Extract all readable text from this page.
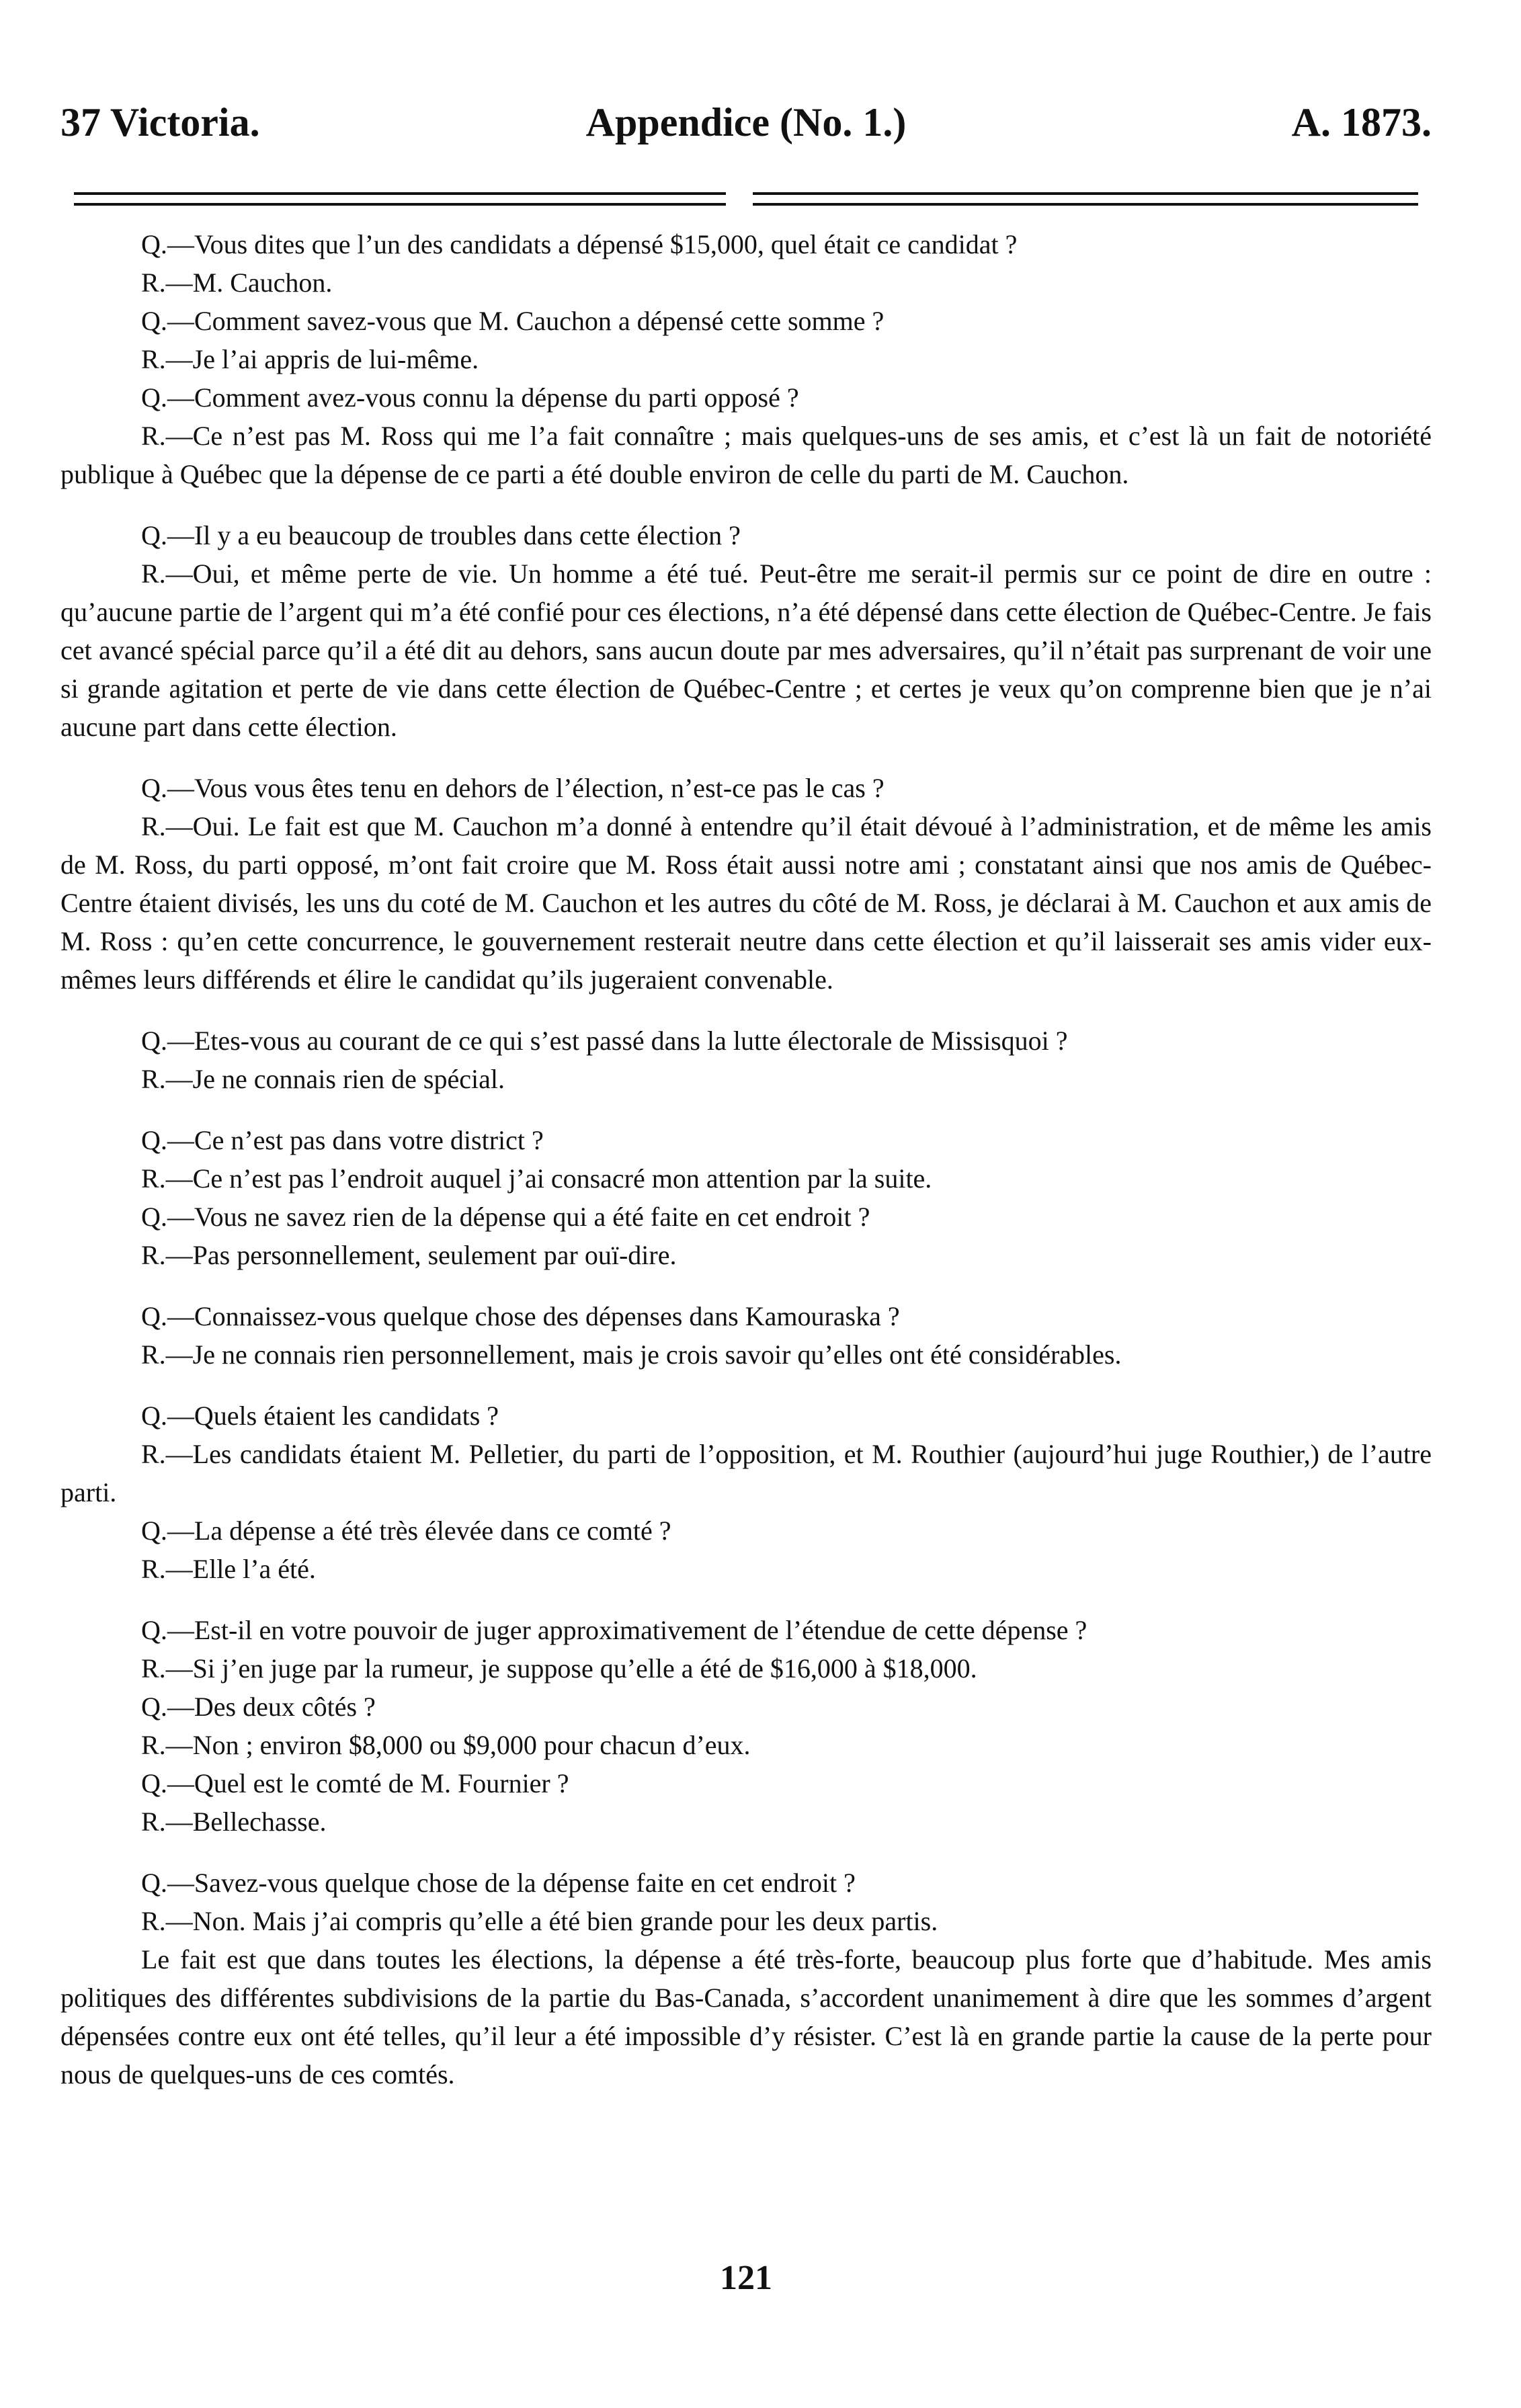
37 Victoria.	Appendice (No. 1.)	A. 1873.

Q.—Vous dites que l’un des candidats a dépensé $15,000, quel était ce candidat ?

R.—M. Cauchon.

Q.—Comment savez-vous que M. Cauchon a dépensé cette somme ?

R.—Je l’ai appris de lui-même.

Q.—Comment avez-vous connu la dépense du parti opposé ?

R.—Ce n’est pas M. Ross qui me l’a fait connaître ; mais quelques-uns de ses amis, et c’est là un fait de notoriété publique à Québec que la dépense de ce parti a été double environ de celle du parti de M. Cauchon.

Q.—Il y a eu beaucoup de troubles dans cette élection ?

R.—Oui, et même perte de vie. Un homme a été tué. Peut-être me serait-il permis sur ce point de dire en outre : qu’aucune partie de l’argent qui m’a été confié pour ces élections, n’a été dépensé dans cette élection de Québec-Centre. Je fais cet avancé spécial parce qu’il a été dit au dehors, sans aucun doute par mes adversaires, qu’il n’était pas surprenant de voir une si grande agitation et perte de vie dans cette élection de Québec-Centre ; et certes je veux qu’on comprenne bien que je n’ai aucune part dans cette élection.

Q.—Vous vous êtes tenu en dehors de l’élection, n’est-ce pas le cas ?

R.—Oui. Le fait est que M. Cauchon m’a donné à entendre qu’il était dévoué à l’administration, et de même les amis de M. Ross, du parti opposé, m’ont fait croire que M. Ross était aussi notre ami ; constatant ainsi que nos amis de Québec-Centre étaient divisés, les uns du coté de M. Cauchon et les autres du côté de M. Ross, je déclarai à M. Cauchon et aux amis de M. Ross : qu’en cette concurrence, le gouvernement resterait neutre dans cette élection et qu’il laisserait ses amis vider eux-mêmes leurs différends et élire le candidat qu’ils jugeraient convenable.

Q.—Etes-vous au courant de ce qui s’est passé dans la lutte électorale de Missisquoi ?

R.—Je ne connais rien de spécial.

Q.—Ce n’est pas dans votre district ?

R.—Ce n’est pas l’endroit auquel j’ai consacré mon attention par la suite.

Q.—Vous ne savez rien de la dépense qui a été faite en cet endroit ?

R.—Pas personnellement, seulement par ouï-dire.

Q.—Connaissez-vous quelque chose des dépenses dans Kamouraska ?

R.—Je ne connais rien personnellement, mais je crois savoir qu’elles ont été considérables.

Q.—Quels étaient les candidats ?

R.—Les candidats étaient M. Pelletier, du parti de l’opposition, et M. Routhier (aujourd’hui juge Routhier,) de l’autre parti.

Q.—La dépense a été très élevée dans ce comté ?

R.—Elle l’a été.

Q.—Est-il en votre pouvoir de juger approximativement de l’étendue de cette dépense ?

R.—Si j’en juge par la rumeur, je suppose qu’elle a été de $16,000 à $18,000.

Q.—Des deux côtés ?

R.—Non ; environ $8,000 ou $9,000 pour chacun d’eux.

Q.—Quel est le comté de M. Fournier ?

R.—Bellechasse.

Q.—Savez-vous quelque chose de la dépense faite en cet endroit ?

R.—Non. Mais j’ai compris qu’elle a été bien grande pour les deux partis.

Le fait est que dans toutes les élections, la dépense a été très-forte, beaucoup plus forte que d’habitude. Mes amis politiques des différentes subdivisions de la partie du Bas-Canada, s’accordent unanimement à dire que les sommes d’argent dépensées contre eux ont été telles, qu’il leur a été impossible d’y résister. C’est là en grande partie la cause de la perte pour nous de quelques-uns de ces comtés.

121
